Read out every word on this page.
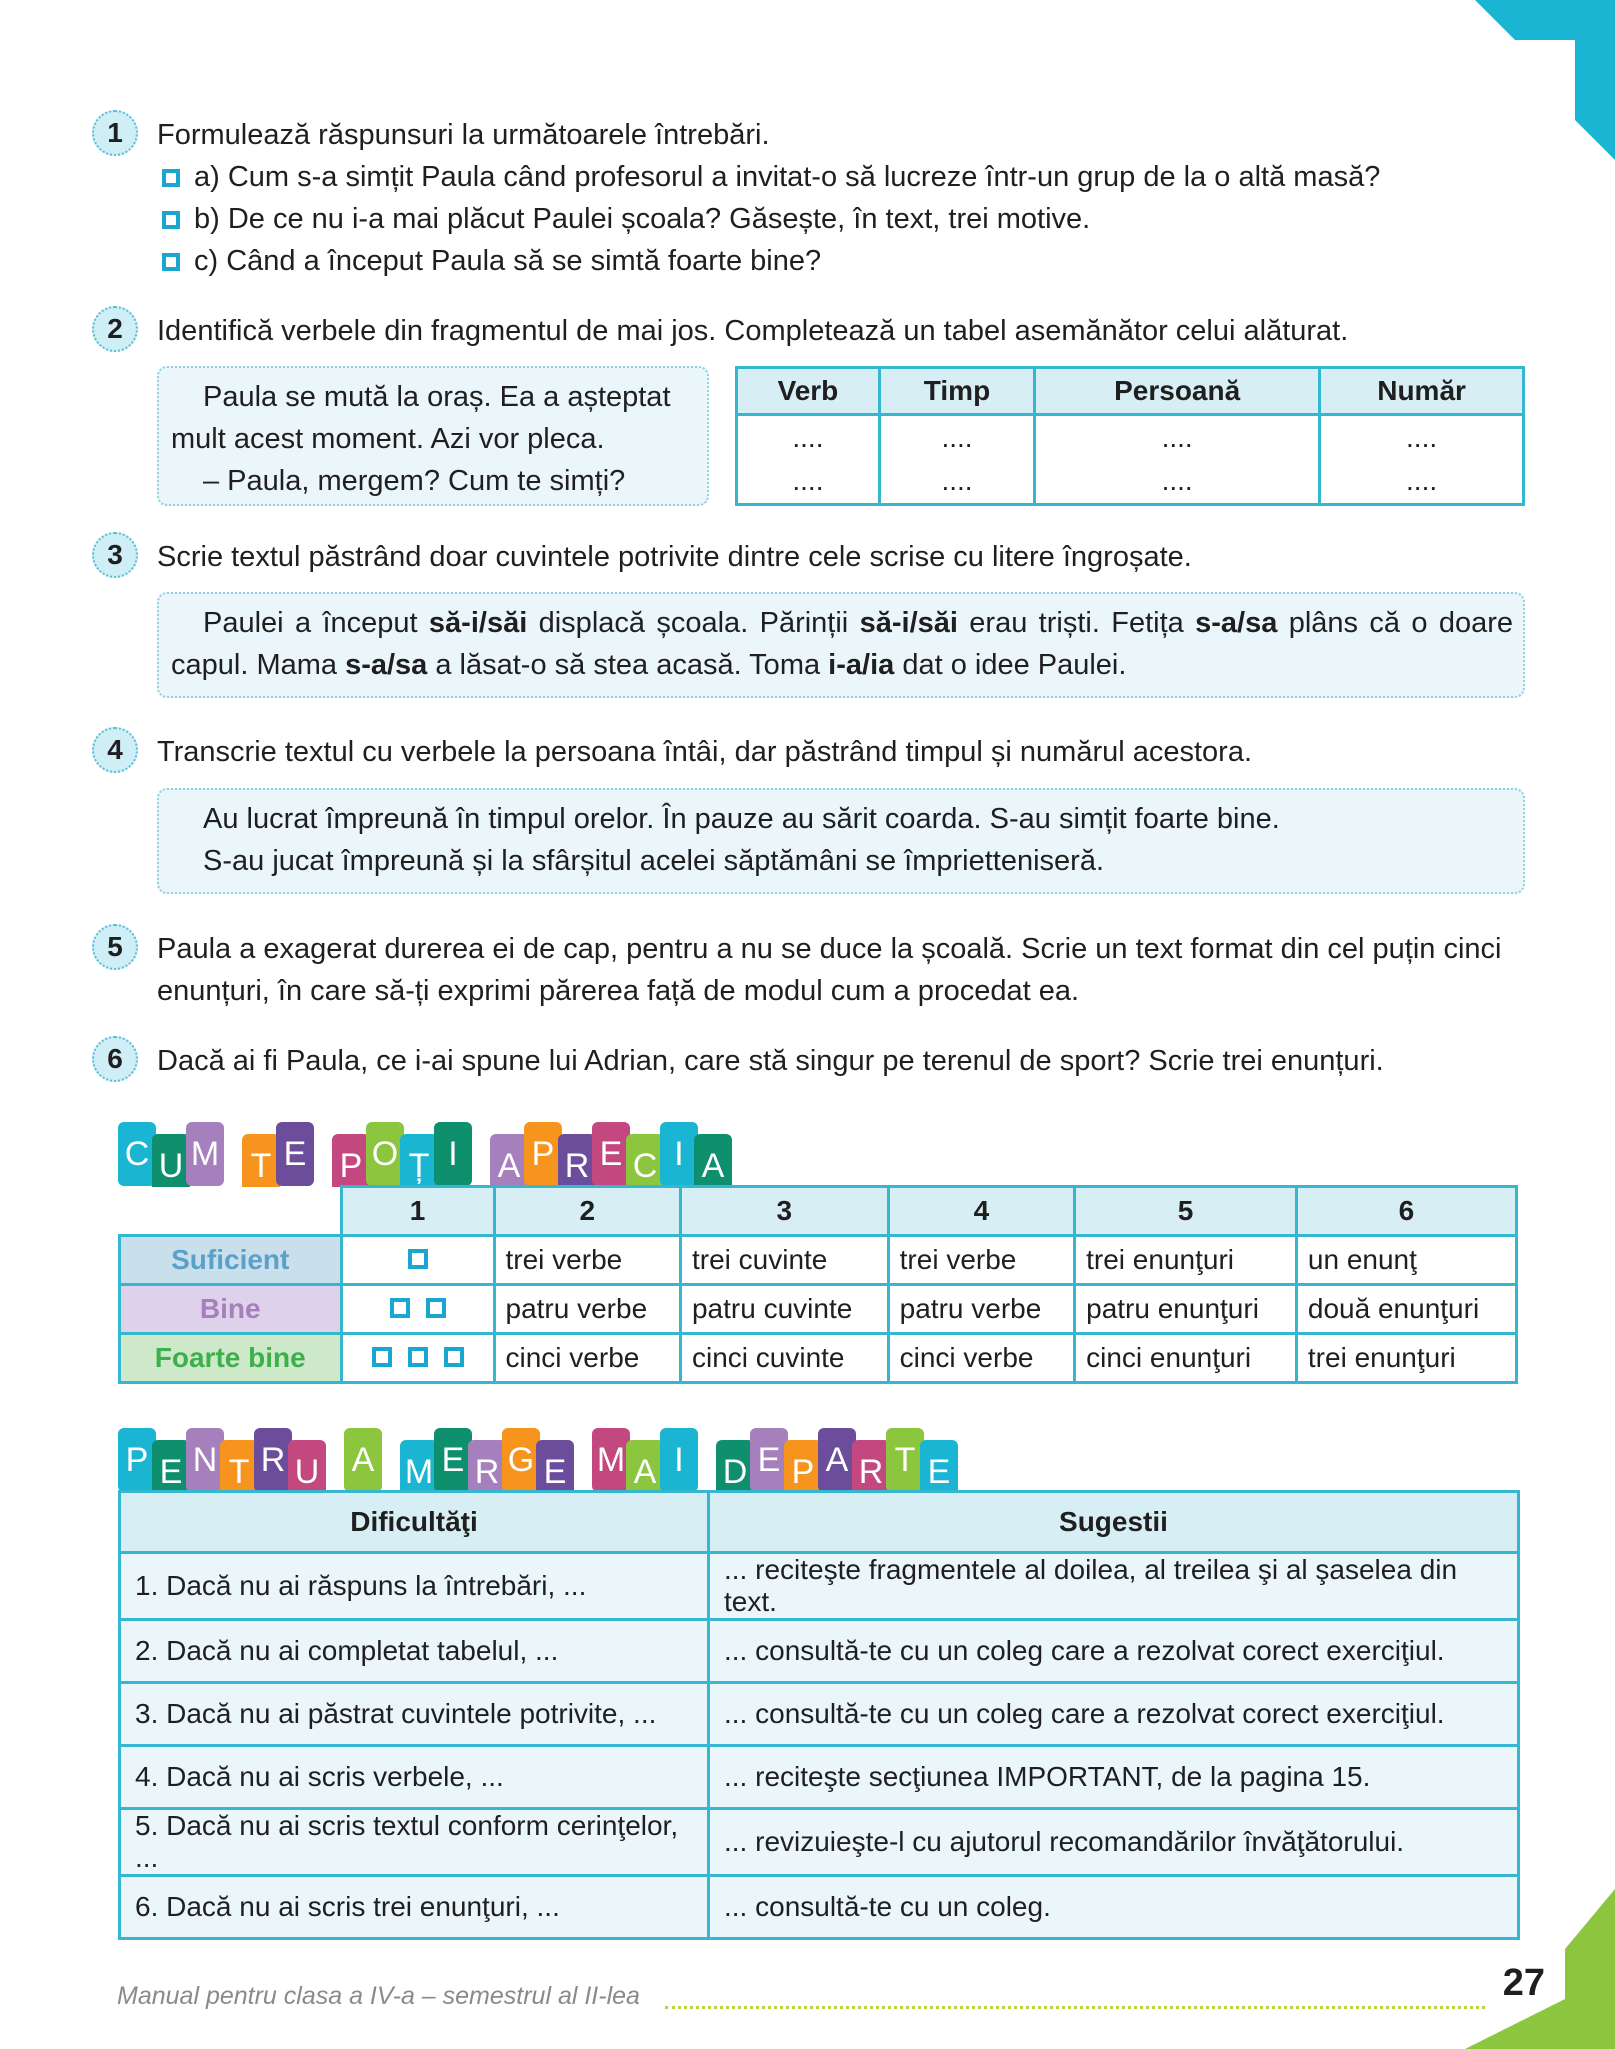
1	Formulează răspunsuri la următoarele întrebări.
a) Cum s-a simțit Paula când profesorul a invitat-o să lucreze într-un grup de la o altă masă?
b) De ce nu i-a mai plăcut Paulei școala? Găsește, în text, trei motive.
c) Când a început Paula să se simtă foarte bine?
2	Identifică verbele din fragmentul de mai jos. Completează un tabel asemănător celui alăturat.
Paula se mută la oraș. Ea a așteptat
mult acest moment. Azi vor pleca.
– Paula, mergem? Cum te simți?
Verb	Timp	Persoană	Număr
....	....	....	....
....	....	....	....
3	Scrie textul păstrând doar cuvintele potrivite dintre cele scrise cu litere îngroșate.
Paulei a început să-i/săi displacă școala. Părinții să-i/săi erau triști. Fetița s-a/sa plâns că o doare capul. Mama s-a/sa a lăsat-o să stea acasă. Toma i-a/ia dat o idee Paulei.
4	Transcrie textul cu verbele la persoana întâi, dar păstrând timpul și numărul acestora.
Au lucrat împreună în timpul orelor. În pauze au sărit coarda. S-au simțit foarte bine.
S-au jucat împreună și la sfârșitul acelei săptămâni se împrietteniseră.
5	Paula a exagerat durerea ei de cap, pentru a nu se duce la școală. Scrie un text format din cel puțin cinci enunțuri, în care să-ți exprimi părerea față de modul cum a procedat ea.
6	Dacă ai fi Paula, ce i-ai spune lui Adrian, care stă singur pe terenul de sport? Scrie trei enunțuri.
C U M T E P O Ț I	A P R E C I A
	1	2	3	4	5	6
Suficient		trei verbe	trei cuvinte	trei verbe	trei enunţuri	un enunţ
Bine		patru verbe	patru cuvinte	patru verbe	patru enunţuri	două enunţuri
Foarte bine		cinci verbe	cinci cuvinte	cinci verbe	cinci enunţuri	trei enunţuri
P E N T R U A M E R G E M A I	D E P A R T E
Dificultăţi	Sugestii
1. Dacă nu ai răspuns la întrebări, ...	... reciteşte fragmentele al doilea, al treilea şi al şaselea din text.
2. Dacă nu ai completat tabelul, ...	... consultă-te cu un coleg care a rezolvat corect exerciţiul.
3. Dacă nu ai păstrat cuvintele potrivite, ...	... consultă-te cu un coleg care a rezolvat corect exerciţiul.
4. Dacă nu ai scris verbele, ...	... reciteşte secţiunea IMPORTANT, de la pagina 15.
5. Dacă nu ai scris textul conform cerinţelor, ...	... revizuieşte-l cu ajutorul recomandărilor învăţătorului.
6. Dacă nu ai scris trei enunţuri, ...	... consultă-te cu un coleg.
Manual pentru clasa a IV-a – semestrul al II-lea	27
